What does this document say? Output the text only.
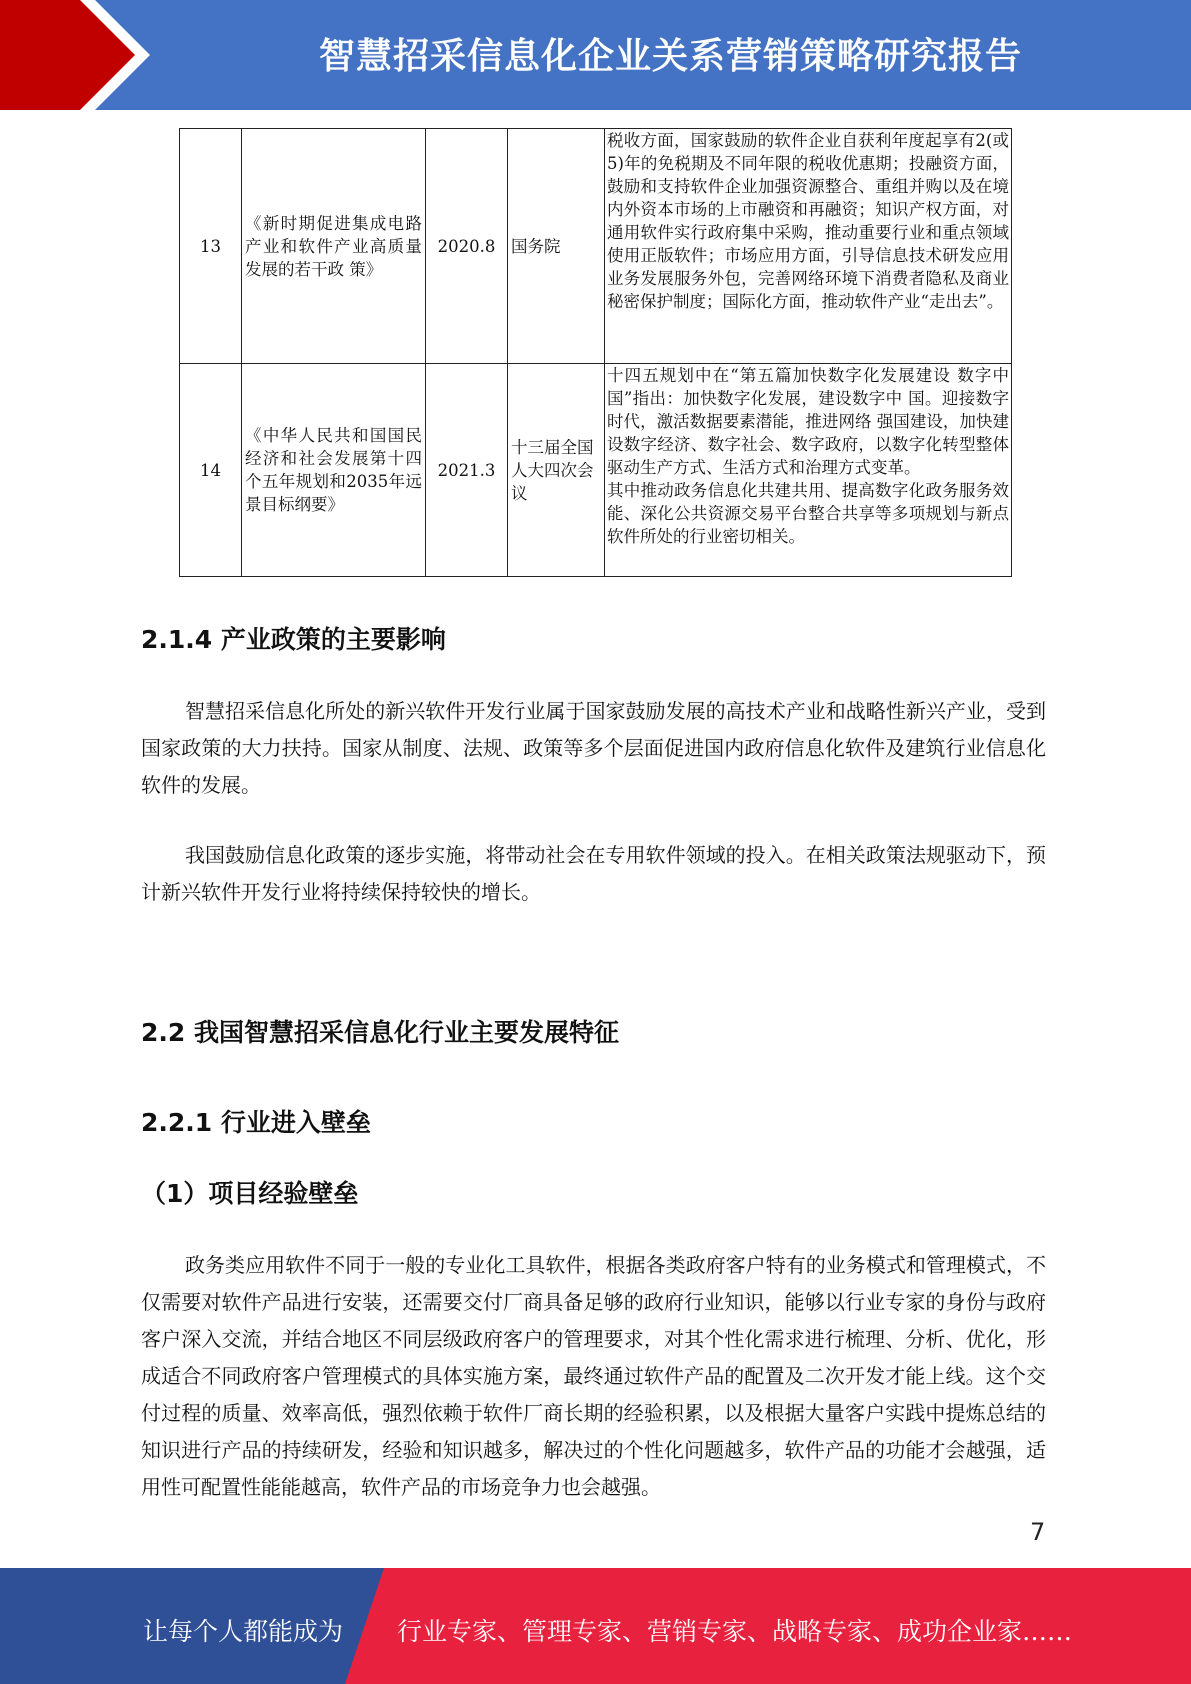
智慧招采信息化企业关系营销策略研究报告
13	《新时期促进集成电路产业和软件产业高质量发展的若干政 策》	2020.8	国务院	税收方面，国家鼓励的软件企业自获利年度起享有2(或5)年的免税期及不同年限的税收优惠期；投融资方面，鼓励和支持软件企业加强资源整合、重组并购以及在境内外资本市场的上市融资和再融资；知识产权方面，对通用软件实行政府集中采购，推动重要行业和重点领域使用正版软件；市场应用方面，引导信息技术研发应用业务发展服务外包，完善网络环境下消费者隐私及商业秘密保护制度；国际化方面，推动软件产业“走出去”。

14	《中华人民共和国国民经济和社会发展第十四个五年规划和2035年远景目标纲要》	2021.3	十三届全国人大四次会议	十四五规划中在“第五篇加快数字化发展建设 数字中国”指出：加快数字化发展，建设数字中 国。迎接数字时代，激活数据要素潜能，推进网络 强国建设，加快建设数字经济、数字社会、数字政府，以数字化转型整体驱动生产方式、生活方式和治理方式变革。
其中推动政务信息化共建共用、提高数字化政务服务效能、深化公共资源交易平台整合共享等多项规划与新点软件所处的行业密切相关。
2.1.4 产业政策的主要影响

智慧招采信息化所处的新兴软件开发行业属于国家鼓励发展的高技术产业和战略性新兴产业，受到国家政策的大力扶持。国家从制度、法规、政策等多个层面促进国内政府信息化软件及建筑行业信息化软件的发展。

我国鼓励信息化政策的逐步实施，将带动社会在专用软件领域的投入。在相关政策法规驱动下，预计新兴软件开发行业将持续保持较快的增长。

2.2 我国智慧招采信息化行业主要发展特征
2.2.1 行业进入壁垒
（1）项目经验壁垒

政务类应用软件不同于一般的专业化工具软件，根据各类政府客户特有的业务模式和管理模式，不仅需要对软件产品进行安装，还需要交付厂商具备足够的政府行业知识，能够以行业专家的身份与政府客户深入交流，并结合地区不同层级政府客户的管理要求，对其个性化需求进行梳理、分析、优化，形成适合不同政府客户管理模式的具体实施方案，最终通过软件产品的配置及二次开发才能上线。这个交付过程的质量、效率高低，强烈依赖于软件厂商长期的经验积累，以及根据大量客户实践中提炼总结的知识进行产品的持续研发，经验和知识越多，解决过的个性化问题越多，软件产品的功能才会越强，适用性可配置性能能越高，软件产品的市场竞争力也会越强。

7
让每个人都能成为 行业专家、管理专家、营销专家、战略专家、成功企业家……
